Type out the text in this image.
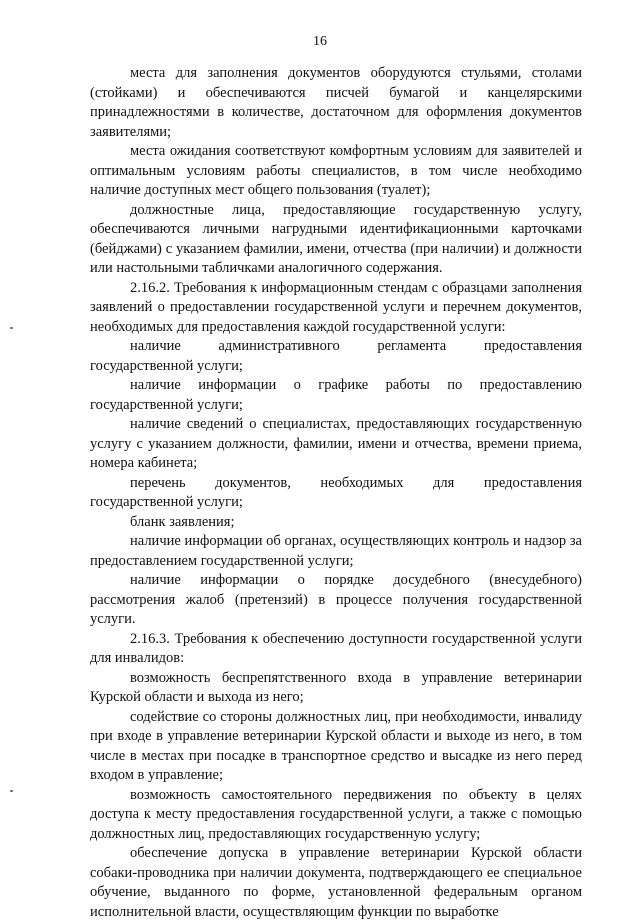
16

места для заполнения документов оборудуются стульями, столами (стойками) и обеспечиваются писчей бумагой и канцелярскими принадлежностями в количестве, достаточном для оформления документов заявителями;

места ожидания соответствуют комфортным условиям для заявителей и оптимальным условиям работы специалистов, в том числе необходимо наличие доступных мест общего пользования (туалет);

должностные лица, предоставляющие государственную услугу, обеспечиваются личными нагрудными идентификационными карточками (бейджами) с указанием фамилии, имени, отчества (при наличии) и должности или настольными табличками аналогичного содержания.

2.16.2. Требования к информационным стендам с образцами заполнения заявлений о предоставлении государственной услуги и перечнем документов, необходимых для предоставления каждой государственной услуги:

наличие административного регламента предоставления государственной услуги;

наличие информации о графике работы по предоставлению государственной услуги;

наличие сведений о специалистах, предоставляющих государственную услугу с указанием должности, фамилии, имени и отчества, времени приема, номера кабинета;

перечень документов, необходимых для предоставления государственной услуги;

бланк заявления;

наличие информации об органах, осуществляющих контроль и надзор за предоставлением государственной услуги;

наличие информации о порядке досудебного (внесудебного) рассмотрения жалоб (претензий) в процессе получения государственной услуги.

2.16.3. Требования к обеспечению доступности государственной услуги для инвалидов:

возможность беспрепятственного входа в управление ветеринарии Курской области и выхода из него;

содействие со стороны должностных лиц, при необходимости, инвалиду при входе в управление ветеринарии Курской области и выходе из него, в том числе в местах при посадке в транспортное средство и высадке из него перед входом в управление;

возможность самостоятельного передвижения по объекту в целях доступа к месту предоставления государственной услуги, а также с помощью должностных лиц, предоставляющих государственную услугу;

обеспечение допуска в управление ветеринарии Курской области собаки-проводника при наличии документа, подтверждающего ее специальное обучение, выданного по форме, установленной федеральным органом исполнительной власти, осуществляющим функции по выработке
